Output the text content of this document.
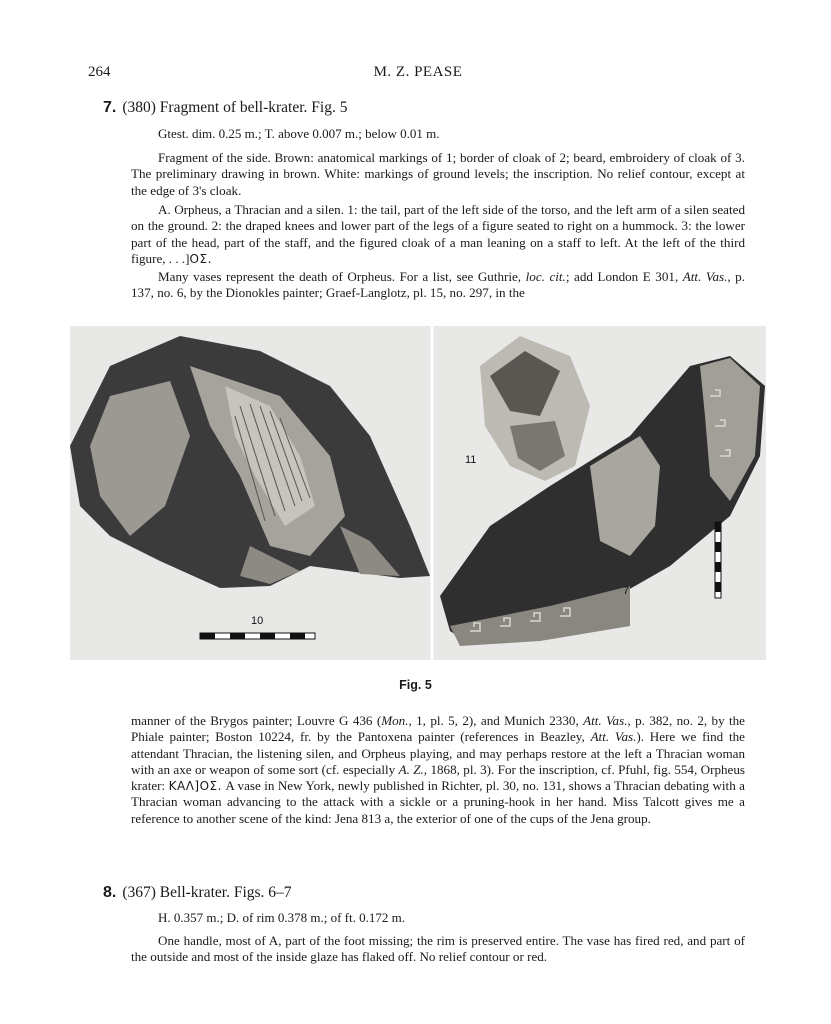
264	M. Z. PEASE
7. (380) Fragment of bell-krater. Fig. 5
Gtest. dim. 0.25 m.; T. above 0.007 m.; below 0.01 m.

Fragment of the side. Brown: anatomical markings of 1; border of cloak of 2; beard, embroidery of cloak of 3. The preliminary drawing in brown. White: markings of ground levels; the inscription. No relief contour, except at the edge of 3's cloak.

A. Orpheus, a Thracian and a silen. 1: the tail, part of the left side of the torso, and the left arm of a silen seated on the ground. 2: the draped knees and lower part of the legs of a figure seated to right on a hummock. 3: the lower part of the head, part of the staff, and the figured cloak of a man leaning on a staff to left. At the left of the third figure, . . .]ΟΣ.

Many vases represent the death of Orpheus. For a list, see Guthrie, loc. cit.; add London E 301, Att. Vas., p. 137, no. 6, by the Dionokles painter; Graef-Langlotz, pl. 15, no. 297, in the

10
11
7
Fig. 5

manner of the Brygos painter; Louvre G 436 (Mon., 1, pl. 5, 2), and Munich 2330, Att. Vas., p. 382, no. 2, by the Phiale painter; Boston 10224, fr. by the Pantoxena painter (references in Beazley, Att. Vas.). Here we find the attendant Thracian, the listening silen, and Orpheus playing, and may perhaps restore at the left a Thracian woman with an axe or weapon of some sort (cf. especially A. Z., 1868, pl. 3). For the inscription, cf. Pfuhl, fig. 554, Orpheus krater: ΚΑΛ]ΟΣ. A vase in New York, newly published in Richter, pl. 30, no. 131, shows a Thracian debating with a Thracian woman advancing to the attack with a sickle or a pruning-hook in her hand. Miss Talcott gives me a reference to another scene of the kind: Jena 813 a, the exterior of one of the cups of the Jena group.

8. (367) Bell-krater. Figs. 6–7
H. 0.357 m.; D. of rim 0.378 m.; of ft. 0.172 m.

One handle, most of A, part of the foot missing; the rim is preserved entire. The vase has fired red, and part of the outside and most of the inside glaze has flaked off. No relief contour or red.
